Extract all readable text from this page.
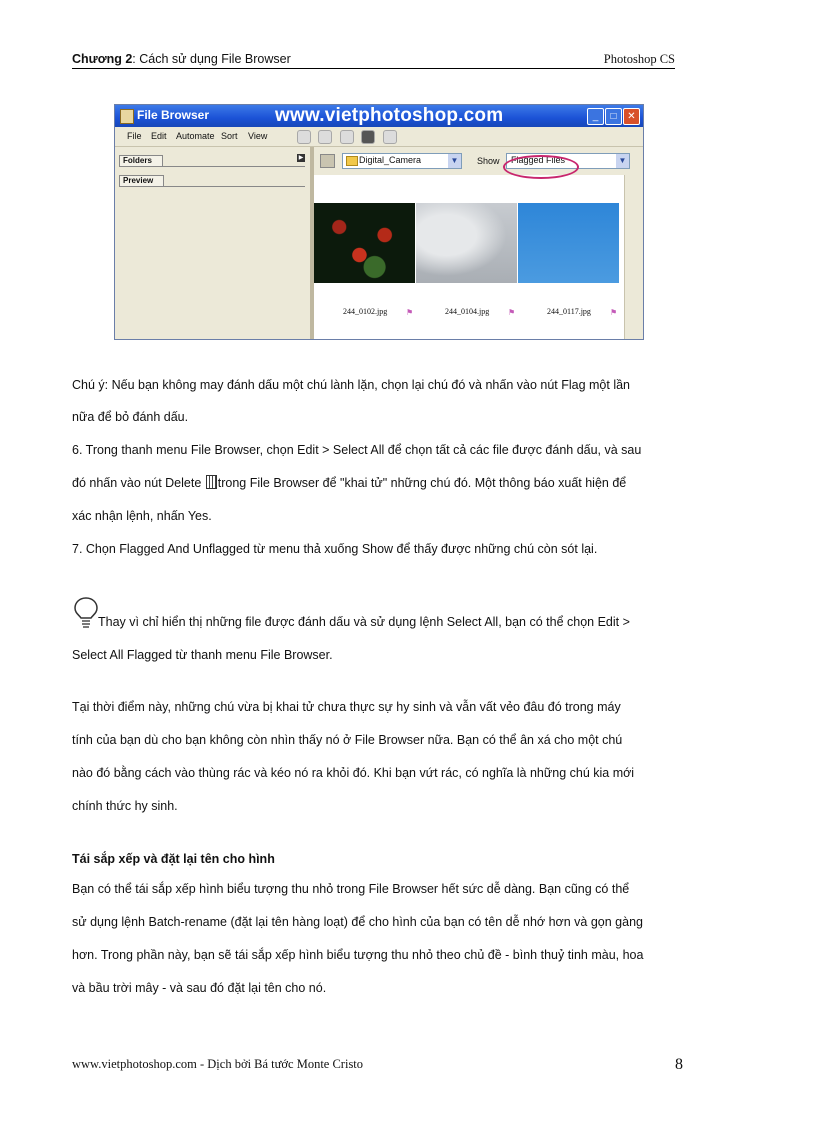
Chương 2: Cách sử dụng File Browser	Photoshop CS
File Browser	www.vietphotoshop.com	_	□	✕
File Edit Automate Sort View
Folders	▶
Preview
Digital_Camera	▼ Show Flagged Files	▼
244_0102.jpg ⚑	244_0104.jpg ⚑	244_0117.jpg ⚑
Chú ý: Nếu bạn không may đánh dấu một chú lành lặn, chọn lại chú đó và nhấn vào nút Flag một lần
nữa để bỏ đánh dấu.
6. Trong thanh menu File Browser, chọn Edit > Select All để chọn tất cả các file được đánh dấu, và sau
đó nhấn vào nút Delete trong File Browser để "khai tử" những chú đó. Một thông báo xuất hiện để
xác nhận lệnh, nhấn Yes.
7. Chọn Flagged And Unflagged từ menu thả xuống Show để thấy được những chú còn sót lại.
Thay vì chỉ hiển thị những file được đánh dấu và sử dụng lệnh Select All, bạn có thể chọn Edit >
Select All Flagged từ thanh menu File Browser.
Tại thời điểm này, những chú vừa bị khai tử chưa thực sự hy sinh và vẫn vất vẻo đâu đó trong máy
tính của bạn dù cho bạn không còn nhìn thấy nó ở File Browser nữa. Bạn có thể ân xá cho một chú
nào đó bằng cách vào thùng rác và kéo nó ra khỏi đó. Khi bạn vứt rác, có nghĩa là những chú kia mới
chính thức hy sinh.
Tái sắp xếp và đặt lại tên cho hình
Bạn có thể tái sắp xếp hình biểu tượng thu nhỏ trong File Browser hết sức dễ dàng. Bạn cũng có thể
sử dụng lệnh Batch-rename (đặt lại tên hàng loạt) để cho hình của bạn có tên dễ nhớ hơn và gọn gàng
hơn. Trong phần này, bạn sẽ tái sắp xếp hình biểu tượng thu nhỏ theo chủ đề - bình thuỷ tinh màu, hoa
và bầu trời mây - và sau đó đặt lại tên cho nó.
www.vietphotoshop.com - Dịch bởi Bá tước Monte Cristo	8
